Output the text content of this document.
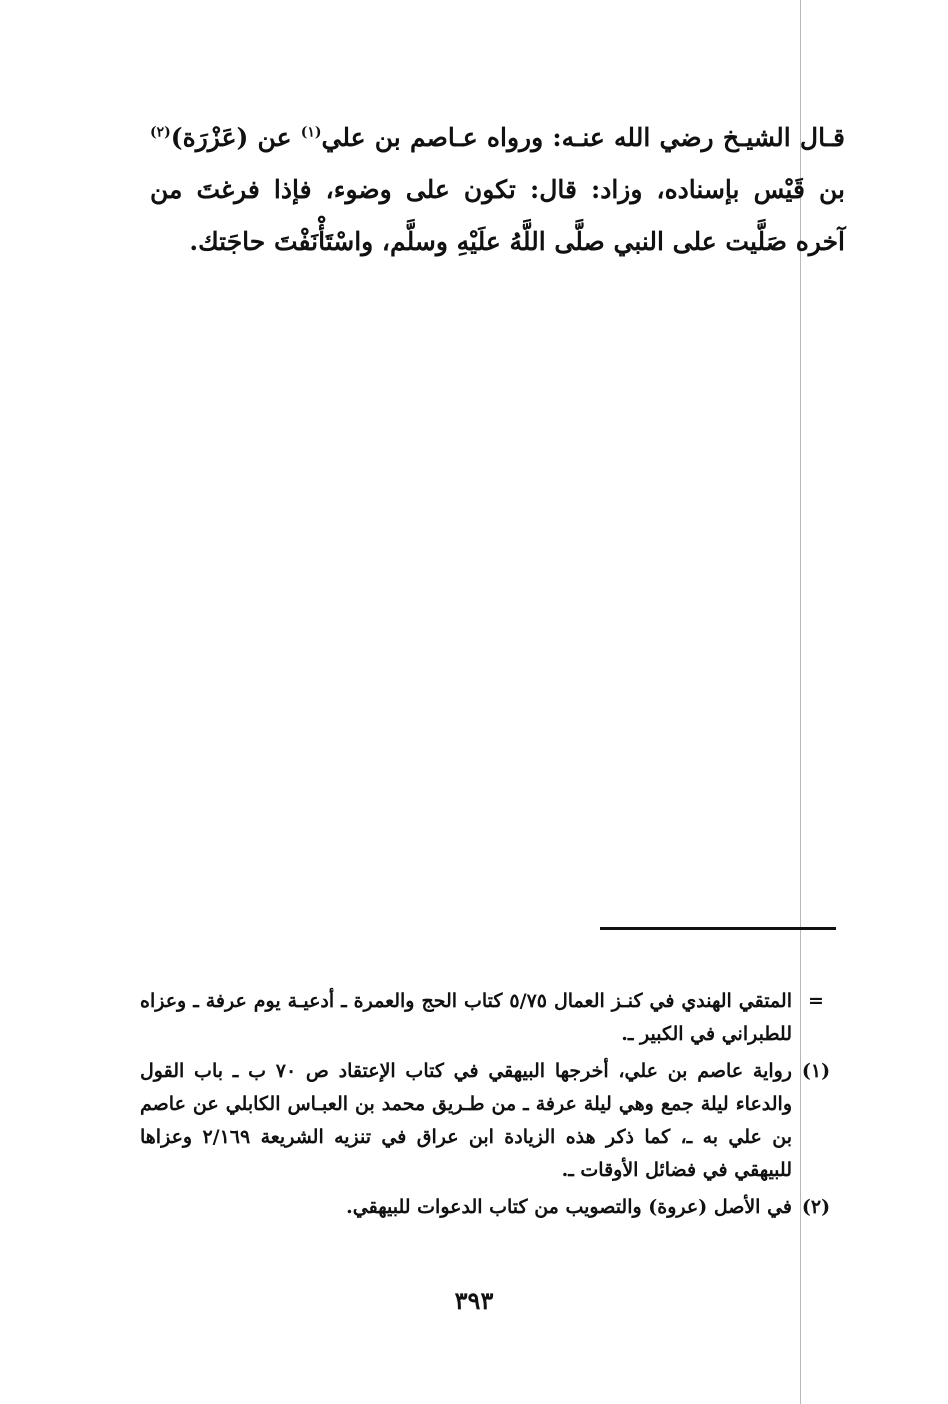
قـال الشيـخ رضي الله عنـه: ورواه عـاصم بن علي$^{(١)}$ عن (عَزْرَة)$^{(٢)}$ بن قَيْس بإسناده، وزاد: قال: تكون على وضوء، فإذا فرغتَ من آخره صَلَّيت على النبي صلَّى اللَّهُ علَيْهِ وسلَّم، واسْتَأْنَفْتَ حاجَتك.

=
المتقي الهندي في كنـز العمال ٥/٧٥ كتاب الحج والعمرة ـ أدعيـة يوم عرفة ـ وعزاه للطبراني في الكبير ـ.
(١)
رواية عاصم بن علي، أخرجها البيهقي في كتاب الإعتقاد ص ٧٠ ب ـ باب القول والدعاء ليلة جمع وهي ليلة عرفة ـ من طـريق محمد بن العبـاس الكابلي عن عاصم بن علي به ـ، كما ذكر هذه الزيادة ابن عراق في تنزيه الشريعة ٢/١٦٩ وعزاها للبيهقي في فضائل الأوقات ـ.
(٢)
في الأصل (عروة) والتصويب من كتاب الدعوات للبيهقي.
٣٩٣
